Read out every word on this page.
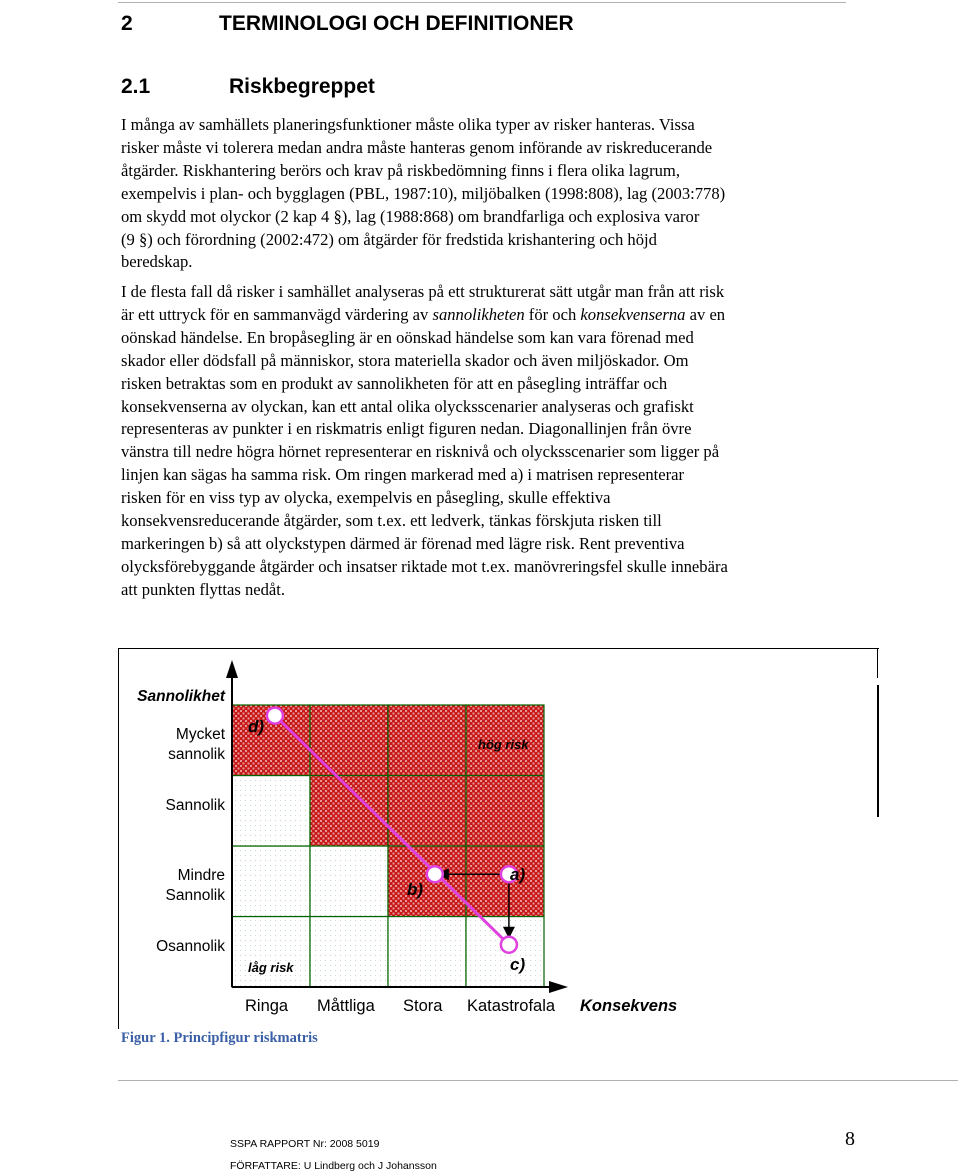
2	TERMINOLOGI OCH DEFINITIONER
2.1	Riskbegreppet
I många av samhällets planeringsfunktioner måste olika typer av risker hanteras. Vissa
risker måste vi tolerera medan andra måste hanteras genom införande av riskreducerande
åtgärder. Riskhantering berörs och krav på riskbedömning finns i flera olika lagrum,
exempelvis i plan- och bygglagen (PBL, 1987:10), miljöbalken (1998:808), lag (2003:778)
om skydd mot olyckor (2 kap 4 §), lag (1988:868) om brandfarliga och explosiva varor
(9 §) och förordning (2002:472) om åtgärder för fredstida krishantering och höjd
beredskap.
I de flesta fall då risker i samhället analyseras på ett strukturerat sätt utgår man från att risk
är ett uttryck för en sammanvägd värdering av sannolikheten för och konsekvenserna av en
oönskad händelse. En bropåsegling är en oönskad händelse som kan vara förenad med
skador eller dödsfall på människor, stora materiella skador och även miljöskador. Om
risken betraktas som en produkt av sannolikheten för att en påsegling inträffar och
konsekvenserna av olyckan, kan ett antal olika olycksscenarier analyseras och grafiskt
representeras av punkter i en riskmatris enligt figuren nedan. Diagonallinjen från övre
vänstra till nedre högra hörnet representerar en risknivå och olycksscenarier som ligger på
linjen kan sägas ha samma risk. Om ringen markerad med a) i matrisen representerar
risken för en viss typ av olycka, exempelvis en påsegling, skulle effektiva
konsekvensreducerande åtgärder, som t.ex. ett ledverk, tänkas förskjuta risken till
markeringen b) så att olyckstypen därmed är förenad med lägre risk. Rent preventiva
olycksförebyggande åtgärder och insatser riktade mot t.ex. manövreringsfel skulle innebära
att punkten flyttas nedåt.
Sannolikhet
Mycket sannolik
Sannolik
Mindre Sannolik
Osannolik
hög risk
låg risk
d)
a)
b)
c)
Ringa Måttliga Stora Katastrofala Konsekvens
Figur 1. Principfigur riskmatris
SSPA RAPPORT Nr: 2008 5019
FÖRFATTARE: U Lindberg och J Johansson
8
